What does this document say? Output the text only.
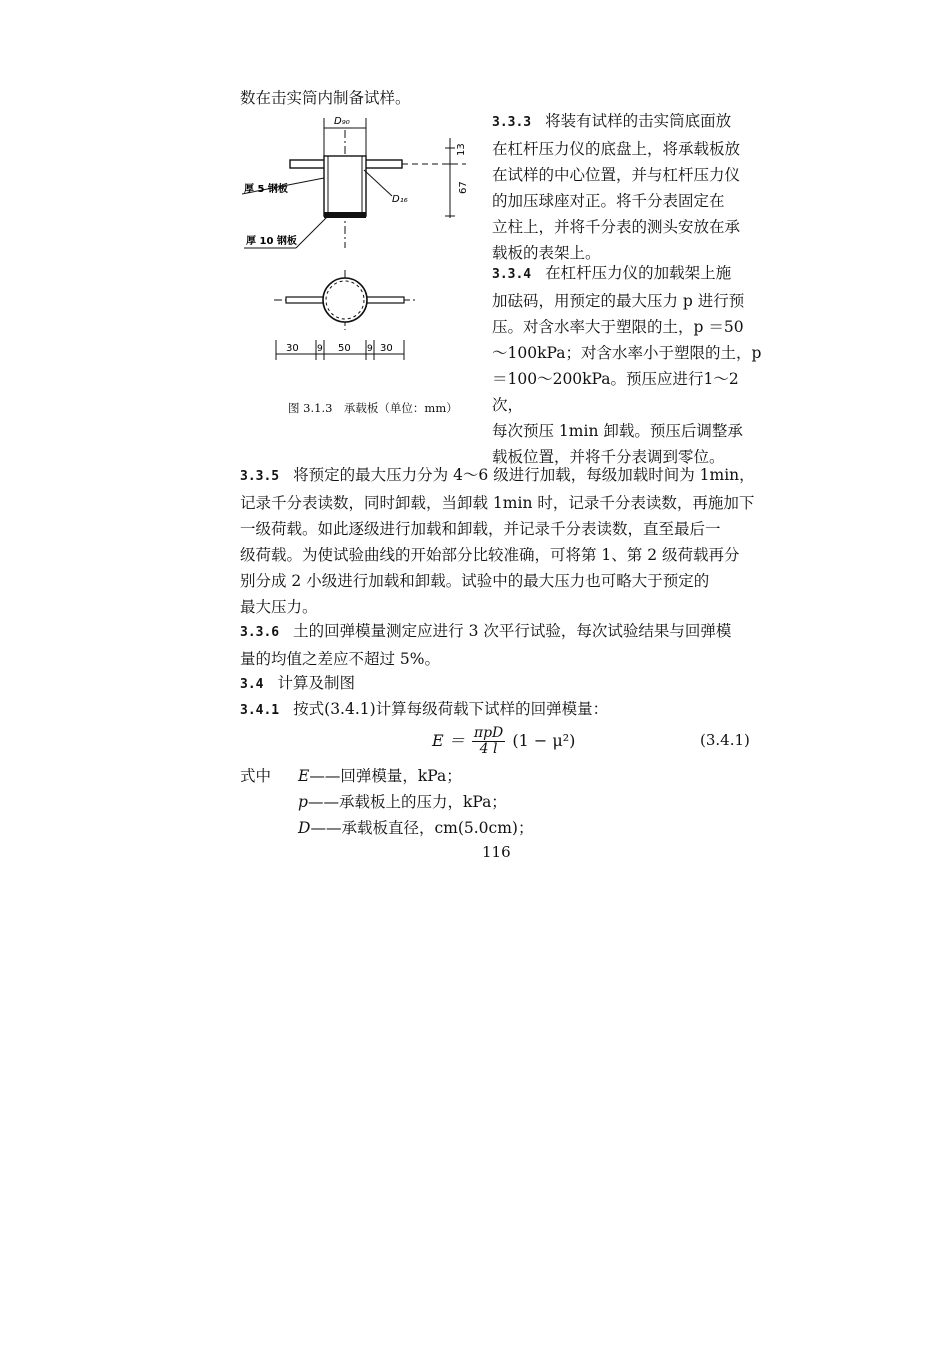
数在击实筒内制备试样。
D₉₀
13
67
D₁₆
厚 5 钢板
厚 10 钢板
30 9 50 9 30
图 3.1.3　承载板（单位：mm）
3.3.3 将装有试样的击实筒底面放
在杠杆压力仪的底盘上，将承载板放
在试样的中心位置，并与杠杆压力仪
的加压球座对正。将千分表固定在
立柱上，并将千分表的测头安放在承
载板的表架上。
3.3.4 在杠杆压力仪的加载架上施
加砝码，用预定的最大压力 p 进行预
压。对含水率大于塑限的土，p ＝50
～100kPa；对含水率小于塑限的土，p
＝100～200kPa。预压应进行1～2 次，
每次预压 1min 卸载。预压后调整承
载板位置，并将千分表调到零位。
3.3.5 将预定的最大压力分为 4～6 级进行加载，每级加载时间为 1min，
记录千分表读数，同时卸载，当卸载 1min 时，记录千分表读数，再施加下
一级荷载。如此逐级进行加载和卸载，并记录千分表读数，直至最后一
级荷载。为使试验曲线的开始部分比较准确，可将第 1、第 2 级荷载再分
别分成 2 小级进行加载和卸载。试验中的最大压力也可略大于预定的
最大压力。
3.3.6 土的回弹模量测定应进行 3 次平行试验，每次试验结果与回弹模
量的均值之差应不超过 5%。
3.4 计算及制图
3.4.1 按式(3.4.1)计算每级荷载下试样的回弹模量：
$E = \frac{\text{πpD}}{4 l} (1 - \mu^2)$	(3.4.1)
式中 E——回弹模量，kPa；
p——承载板上的压力，kPa；
D——承载板直径，cm(5.0cm)；
116
